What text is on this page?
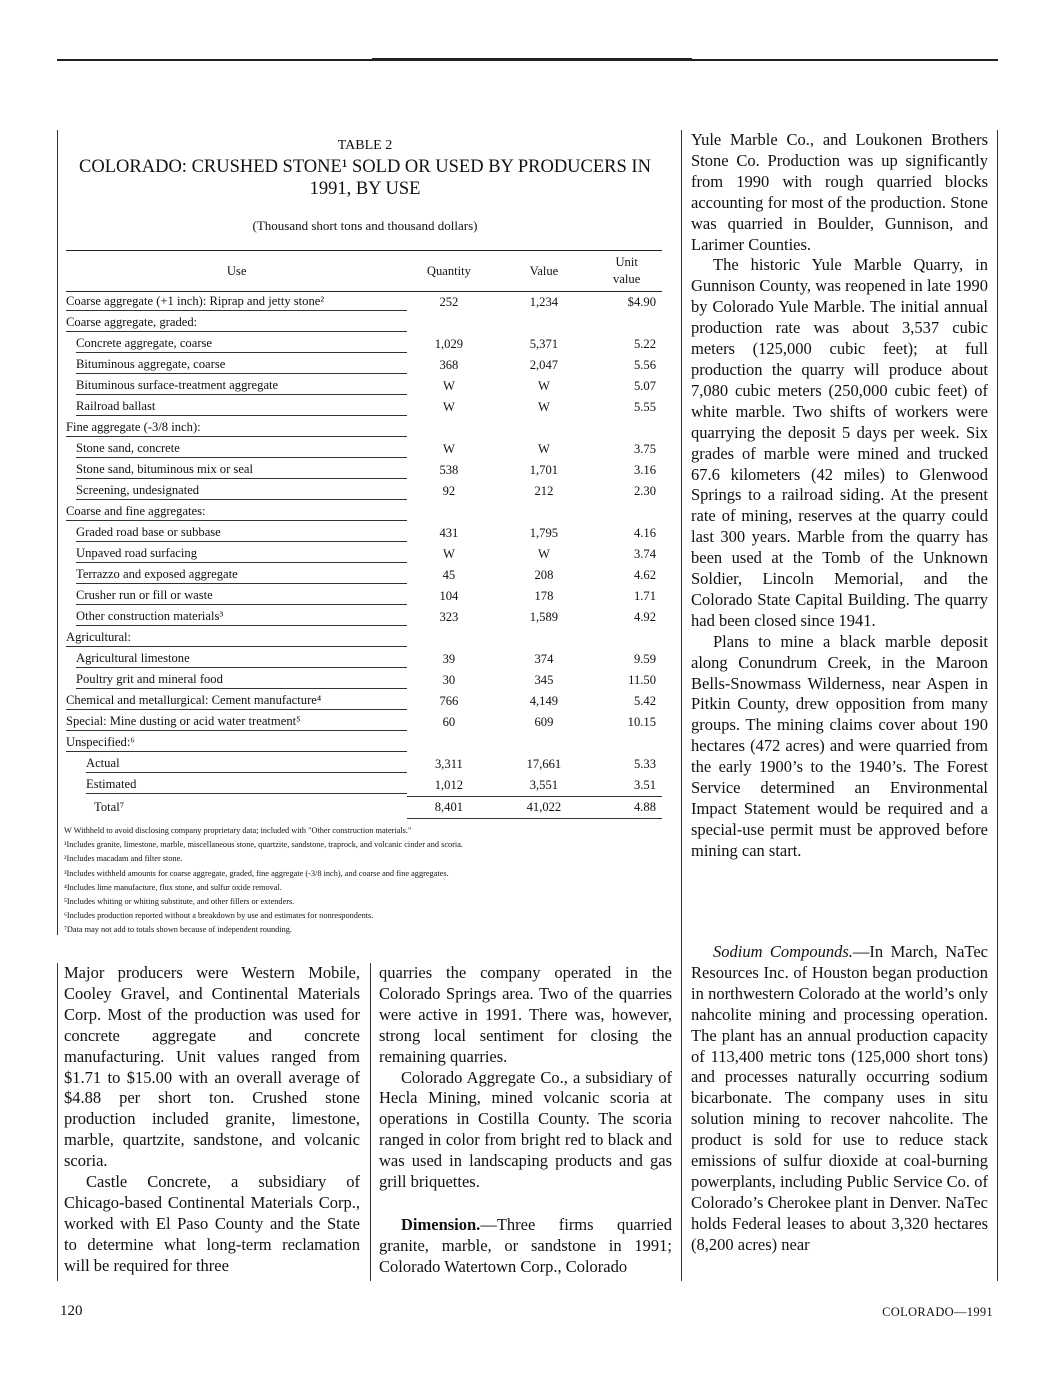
TABLE 2
COLORADO: CRUSHED STONE¹ SOLD OR USED BY PRODUCERS IN
1991, BY USE
(Thousand short tons and thousand dollars)
Use	Quantity	Value	Unit
value

Coarse aggregate (+1 inch): Riprap and jetty stone²	252	1,234	$4.90

Coarse aggregate, graded:			

Concrete aggregate, coarse	1,029	5,371	5.22

Bituminous aggregate, coarse	368	2,047	5.56

Bituminous surface-treatment aggregate	W	W	5.07

Railroad ballast	W	W	5.55

Fine aggregate (-3/8 inch):			

Stone sand, concrete	W	W	3.75

Stone sand, bituminous mix or seal	538	1,701	3.16

Screening, undesignated	92	212	2.30

Coarse and fine aggregates:			

Graded road base or subbase	431	1,795	4.16

Unpaved road surfacing	W	W	3.74

Terrazzo and exposed aggregate	45	208	4.62

Crusher run or fill or waste	104	178	1.71

Other construction materials³	323	1,589	4.92

Agricultural:			

Agricultural limestone	39	374	9.59

Poultry grit and mineral food	30	345	11.50

Chemical and metallurgical: Cement manufacture⁴	766	4,149	5.42

Special: Mine dusting or acid water treatment⁵	60	609	10.15

Unspecified:⁶			

Actual	3,311	17,661	5.33

Estimated	1,012	3,551	3.51

Total⁷	8,401	41,022	4.88
W Withheld to avoid disclosing company proprietary data; included with "Other construction materials."
¹Includes granite, limestone, marble, miscellaneous stone, quartzite, sandstone, traprock, and volcanic cinder and scoria.
²Includes macadam and filter stone.
³Includes withheld amounts for coarse aggregate, graded, fine aggregate (-3/8 inch), and coarse and fine aggregates.
⁴Includes lime manufacture, flux stone, and sulfur oxide removal.
⁵Includes whiting or whiting substitute, and other fillers or extenders.
⁶Includes production reported without a breakdown by use and estimates for nonrespondents.
⁷Data may not add to totals shown because of independent rounding.

Major producers were Western Mobile, Cooley Gravel, and Continental Materials Corp. Most of the production was used for concrete aggregate and concrete manufacturing. Unit values ranged from $1.71 to $15.00 with an overall average of $4.88 per short ton. Crushed stone production included granite, limestone, marble, quartzite, sandstone, and volcanic scoria.

Castle Concrete, a subsidiary of Chicago-based Continental Materials Corp., worked with El Paso County and the State to determine what long-term reclamation will be required for three

quarries the company operated in the Colorado Springs area. Two of the quarries were active in 1991. There was, however, strong local sentiment for closing the remaining quarries.

Colorado Aggregate Co., a subsidiary of Hecla Mining, mined volcanic scoria at operations in Costilla County. The scoria ranged in color from bright red to black and was used in landscaping products and gas grill briquettes.

Dimension.—Three firms quarried granite, marble, or sandstone in 1991; Colorado Watertown Corp., Colorado

Yule Marble Co., and Loukonen Brothers Stone Co. Production was up significantly from 1990 with rough quarried blocks accounting for most of the production. Stone was quarried in Boulder, Gunnison, and Larimer Counties.

The historic Yule Marble Quarry, in Gunnison County, was reopened in late 1990 by Colorado Yule Marble. The initial annual production rate was about 3,537 cubic meters (125,000 cubic feet); at full production the quarry will produce about 7,080 cubic meters (250,000 cubic feet) of white marble. Two shifts of workers were quarrying the deposit 5 days per week. Six grades of marble were mined and trucked 67.6 kilometers (42 miles) to Glenwood Springs to a railroad siding. At the present rate of mining, reserves at the quarry could last 300 years. Marble from the quarry has been used at the Tomb of the Unknown Soldier, Lincoln Memorial, and the Colorado State Capital Building. The quarry had been closed since 1941.

Plans to mine a black marble deposit along Conundrum Creek, in the Maroon Bells-Snowmass Wilderness, near Aspen in Pitkin County, drew opposition from many groups. The mining claims cover about 190 hectares (472 acres) and were quarried from the early 1900’s to the 1940’s. The Forest Service determined an Environmental Impact Statement would be required and a special-use permit must be approved before mining can start.

Sodium Compounds.—In March, NaTec Resources Inc. of Houston began production in northwestern Colorado at the world’s only nahcolite mining and processing operation. The plant has an annual production capacity of 113,400 metric tons (125,000 short tons) and processes naturally occurring sodium bicarbonate. The company uses in situ solution mining to recover nahcolite. The product is sold for use to reduce stack emissions of sulfur dioxide at coal-burning powerplants, including Public Service Co. of Colorado’s Cherokee plant in Denver. NaTec holds Federal leases to about 3,320 hectares (8,200 acres) near

120	COLORADO—1991
